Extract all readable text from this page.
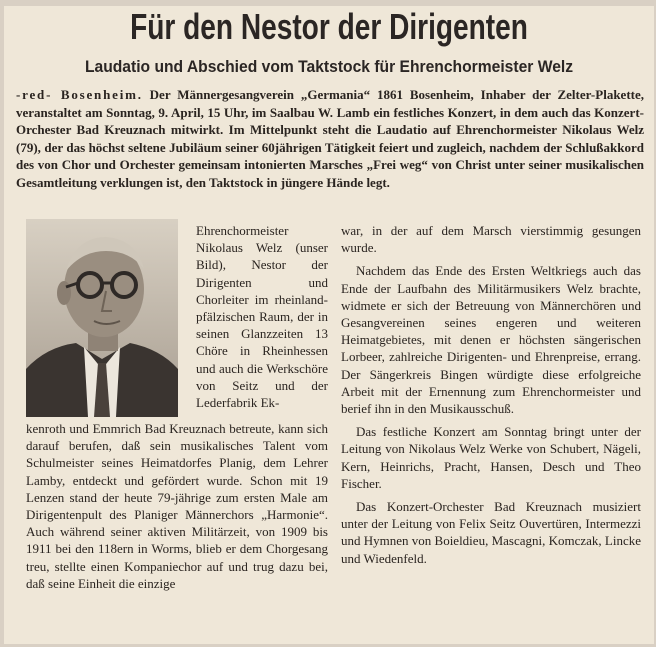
Für den Nestor der Dirigenten
Laudatio und Abschied vom Taktstock für Ehrenchormeister Welz
-red- Bosenheim. Der Männergesangverein „Germania“ 1861 Bosenheim, Inhaber der Zelter-Plakette, veranstaltet am Sonntag, 9. April, 15 Uhr, im Saalbau W. Lamb ein festliches Konzert, in dem auch das Konzert-Orchester Bad Kreuznach mitwirkt. Im Mittelpunkt steht die Laudatio auf Ehrenchormeister Nikolaus Welz (79), der das höchst seltene Jubiläum seiner 60jährigen Tätigkeit feiert und zugleich, nachdem der Schlußakkord des von Chor und Orchester gemeinsam intonierten Marsches „Frei weg“ von Christ unter seiner musikalischen Gesamtleitung verklungen ist, den Taktstock in jüngere Hände legt.

Ehrenchormeister Nikolaus Welz (unser Bild), Nestor der Dirigenten und Chorleiter im rheinland-pfälzischen Raum, der in seinen Glanzzeiten 13 Chöre in Rheinhessen und auch die Werkschöre von Seitz und der Lederfabrik Ek-

kenroth und Emmrich Bad Kreuznach betreute, kann sich darauf berufen, daß sein musikalisches Talent vom Schulmeister seines Heimatdorfes Planig, dem Lehrer Lamby, entdeckt und gefördert wurde. Schon mit 19 Lenzen stand der heute 79-jährige zum ersten Male am Dirigentenpult des Planiger Männerchors „Harmonie“. Auch während seiner aktiven Militärzeit, von 1909 bis 1911 bei den 118ern in Worms, blieb er dem Chorgesang treu, stellte einen Kompaniechor auf und trug dazu bei, daß seine Einheit die einzige

war, in der auf dem Marsch vierstimmig gesungen wurde.

Nachdem das Ende des Ersten Weltkriegs auch das Ende der Laufbahn des Militärmusikers Welz brachte, widmete er sich der Betreuung von Männerchören und Gesangvereinen seines engeren und weiteren Heimatgebietes, mit denen er höchsten sängerischen Lorbeer, zahlreiche Dirigenten- und Ehrenpreise, errang. Der Sängerkreis Bingen würdigte diese erfolgreiche Arbeit mit der Ernennung zum Ehrenchormeister und berief ihn in den Musikausschuß.

Das festliche Konzert am Sonntag bringt unter der Leitung von Nikolaus Welz Werke von Schubert, Nägeli, Kern, Heinrichs, Pracht, Hansen, Desch und Theo Fischer.

Das Konzert-Orchester Bad Kreuznach musiziert unter der Leitung von Felix Seitz Ouvertüren, Intermezzi und Hymnen von Boieldieu, Mascagni, Komczak, Lincke und Wiedenfeld.
